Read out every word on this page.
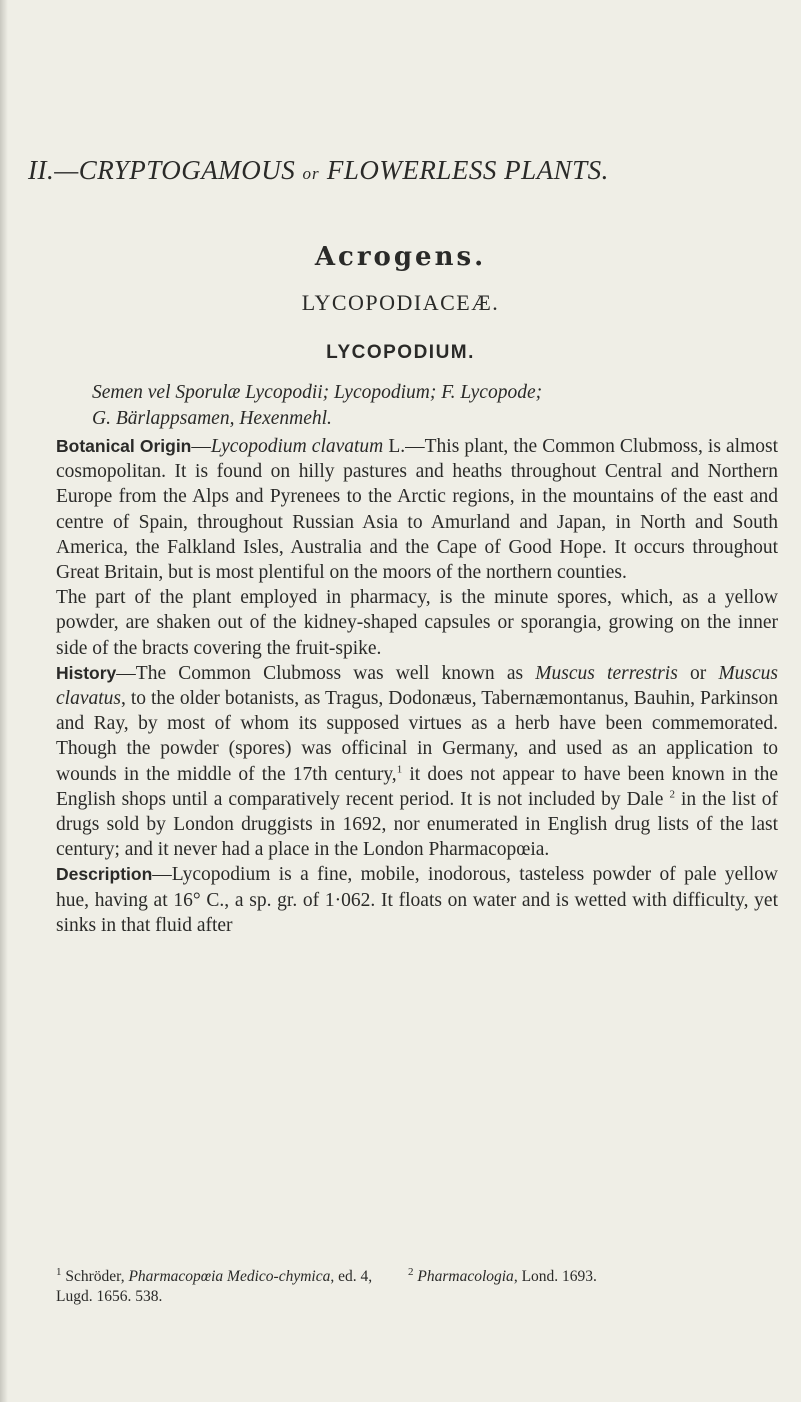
II.—CRYPTOGAMOUS or FLOWERLESS PLANTS.
Acrogens.
LYCOPODIACEÆ.
LYCOPODIUM.
Semen vel Sporulæ Lycopodii; Lycopodium; F. Lycopode;
G. Bärlappsamen, Hexenmehl.

Botanical Origin—Lycopodium clavatum L.—This plant, the Common Clubmoss, is almost cosmopolitan. It is found on hilly pastures and heaths throughout Central and Northern Europe from the Alps and Pyrenees to the Arctic regions, in the mountains of the east and centre of Spain, throughout Russian Asia to Amurland and Japan, in North and South America, the Falkland Isles, Australia and the Cape of Good Hope. It occurs throughout Great Britain, but is most plentiful on the moors of the northern counties.

The part of the plant employed in pharmacy, is the minute spores, which, as a yellow powder, are shaken out of the kidney-shaped capsules or sporangia, growing on the inner side of the bracts covering the fruit-spike.

History—The Common Clubmoss was well known as Muscus terrestris or Muscus clavatus, to the older botanists, as Tragus, Dodonæus, Tabernæmontanus, Bauhin, Parkinson and Ray, by most of whom its supposed virtues as a herb have been commemorated. Though the powder (spores) was officinal in Germany, and used as an application to wounds in the middle of the 17th century,$^1$ it does not appear to have been known in the English shops until a comparatively recent period. It is not included by Dale $^2$ in the list of drugs sold by London druggists in 1692, nor enumerated in English drug lists of the last century; and it never had a place in the London Pharmacopœia.

Description—Lycopodium is a fine, mobile, inodorous, tasteless powder of pale yellow hue, having at 16° C., a sp. gr. of 1·062. It floats on water and is wetted with difficulty, yet sinks in that fluid after

$^1$ Schröder, Pharmacopœia Medico-chymica, ed. 4, Lugd. 1656. 538.
$^2$ Pharmacologia, Lond. 1693.
